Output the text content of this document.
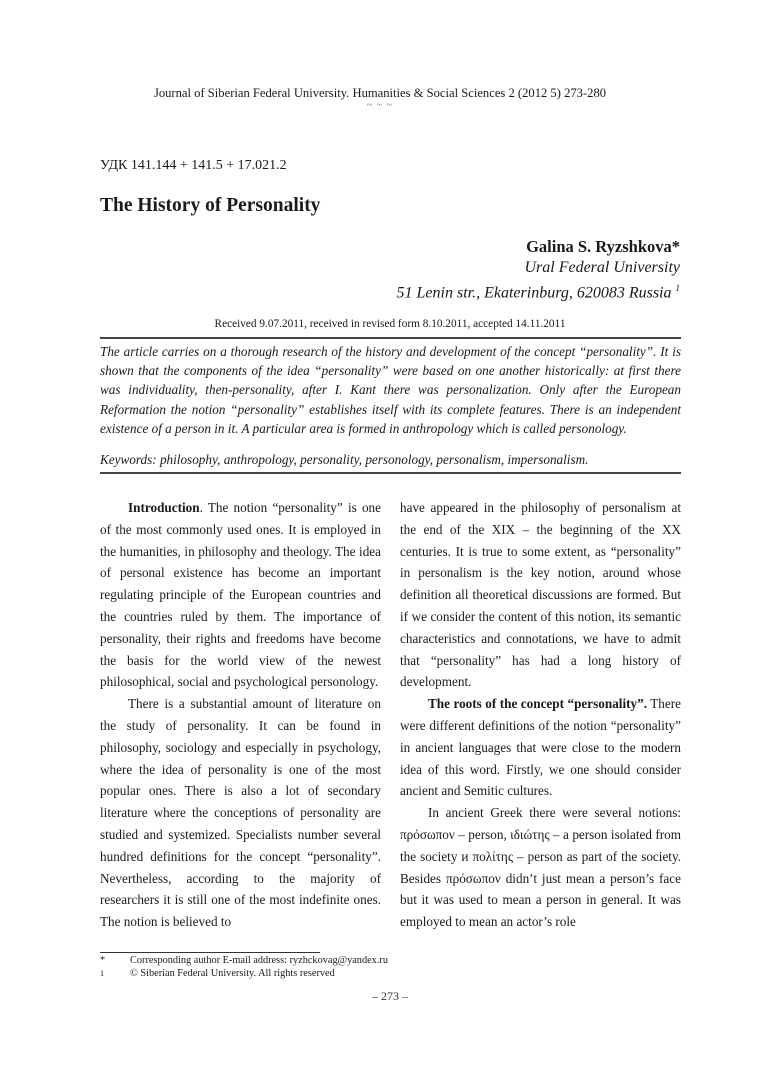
Journal of Siberian Federal University. Humanities & Social Sciences 2 (2012 5) 273-280
~ ~ ~
УДК 141.144 + 141.5 + 17.021.2
The History of Personality
Galina S. Ryzshkova*
Ural Federal University
51 Lenin str., Ekaterinburg, 620083 Russia $^1$
Received 9.07.2011, received in revised form 8.10.2011, accepted 14.11.2011
The article carries on a thorough research of the history and development of the concept “personality”. It is shown that the components of the idea “personality” were based on one another historically: at first there was individuality, then-personality, after I. Kant there was personalization. Only after the European Reformation the notion “personality” establishes itself with its complete features. There is an independent existence of a person in it. A particular area is formed in anthropology which is called personology.
Keywords: philosophy, anthropology, personality, personology, personalism, impersonalism.

Introduction. The notion “personality” is one of the most commonly used ones. It is employed in the humanities, in philosophy and theology. The idea of personal existence has become an important regulating principle of the European countries and the countries ruled by them. The importance of personality, their rights and freedoms have become the basis for the world view of the newest philosophical, social and psychological personology.

There is a substantial amount of literature on the study of personality. It can be found in philosophy, sociology and especially in psychology, where the idea of personality is one of the most popular ones. There is also a lot of secondary literature where the conceptions of personality are studied and systemized. Specialists number several hundred definitions for the concept “personality”. Nevertheless, according to the majority of researchers it is still one of the most indefinite ones. The notion is believed to

have appeared in the philosophy of personalism at the end of the XIX – the beginning of the XX centuries. It is true to some extent, as “personality” in personalism is the key notion, around whose definition all theoretical discussions are formed. But if we consider the content of this notion, its semantic characteristics and connotations, we have to admit that “personality” has had a long history of development.

The roots of the concept “personality”. There were different definitions of the notion “personality” in ancient languages that were close to the modern idea of this word. Firstly, we one should consider ancient and Semitic cultures.

In ancient Greek there were several notions: πρόσωπον – person, ιδιώτης – a person isolated from the society и πολίτης – person as part of the society. Besides πρόσωπον didn’t just mean a person’s face but it was used to mean a person in general. It was employed to mean an actor’s role

*	Corresponding author E-mail address: ryzhckovag@yandex.ru
1	© Siberian Federal University. All rights reserved
– 273 –
